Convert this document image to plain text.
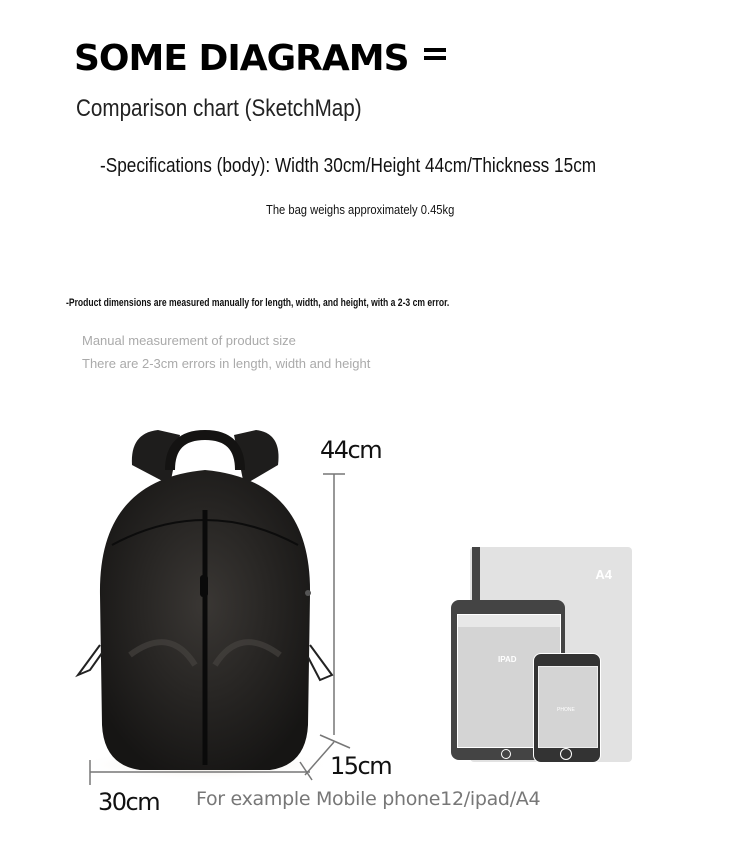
SOME DIAGRAMS
Comparison chart (SketchMap)
-Specifications (body): Width 30cm/Height 44cm/Thickness 15cm
The bag weighs approximately 0.45kg
-Product dimensions are measured manually for length, width, and height, with a 2-3 cm error.
Manual measurement of product size
There are 2-3cm errors in length, width and height
44cm
15cm
30cm
A4
IPAD
PHONE
For example Mobile phone12/ipad/A4
